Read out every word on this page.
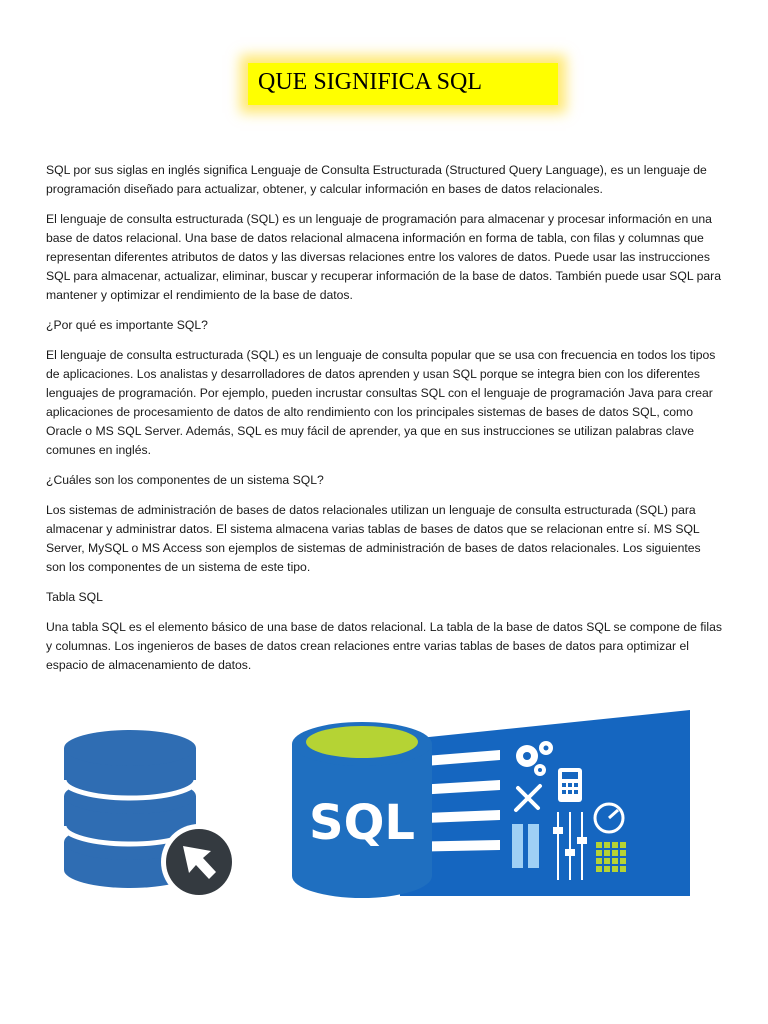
QUE SIGNIFICA SQL

SQL por sus siglas en inglés significa Lenguaje de Consulta Estructurada (Structured Query Language), es un lenguaje de programación diseñado para actualizar, obtener, y calcular información en bases de datos relacionales.

El lenguaje de consulta estructurada (SQL) es un lenguaje de programación para almacenar y procesar información en una base de datos relacional. Una base de datos relacional almacena información en forma de tabla, con filas y columnas que representan diferentes atributos de datos y las diversas relaciones entre los valores de datos. Puede usar las instrucciones SQL para almacenar, actualizar, eliminar, buscar y recuperar información de la base de datos. También puede usar SQL para mantener y optimizar el rendimiento de la base de datos.

¿Por qué es importante SQL?

El lenguaje de consulta estructurada (SQL) es un lenguaje de consulta popular que se usa con frecuencia en todos los tipos de aplicaciones. Los analistas y desarrolladores de datos aprenden y usan SQL porque se integra bien con los diferentes lenguajes de programación. Por ejemplo, pueden incrustar consultas SQL con el lenguaje de programación Java para crear aplicaciones de procesamiento de datos de alto rendimiento con los principales sistemas de bases de datos SQL, como Oracle o MS SQL Server. Además, SQL es muy fácil de aprender, ya que en sus instrucciones se utilizan palabras clave comunes en inglés.

¿Cuáles son los componentes de un sistema SQL?

Los sistemas de administración de bases de datos relacionales utilizan un lenguaje de consulta estructurada (SQL) para almacenar y administrar datos. El sistema almacena varias tablas de bases de datos que se relacionan entre sí. MS SQL Server, MySQL o MS Access son ejemplos de sistemas de administración de bases de datos relacionales. Los siguientes son los componentes de un sistema de este tipo.

Tabla SQL

Una tabla SQL es el elemento básico de una base de datos relacional. La tabla de la base de datos SQL se compone de filas y columnas. Los ingenieros de bases de datos crean relaciones entre varias tablas de bases de datos para optimizar el espacio de almacenamiento de datos.

SQL
